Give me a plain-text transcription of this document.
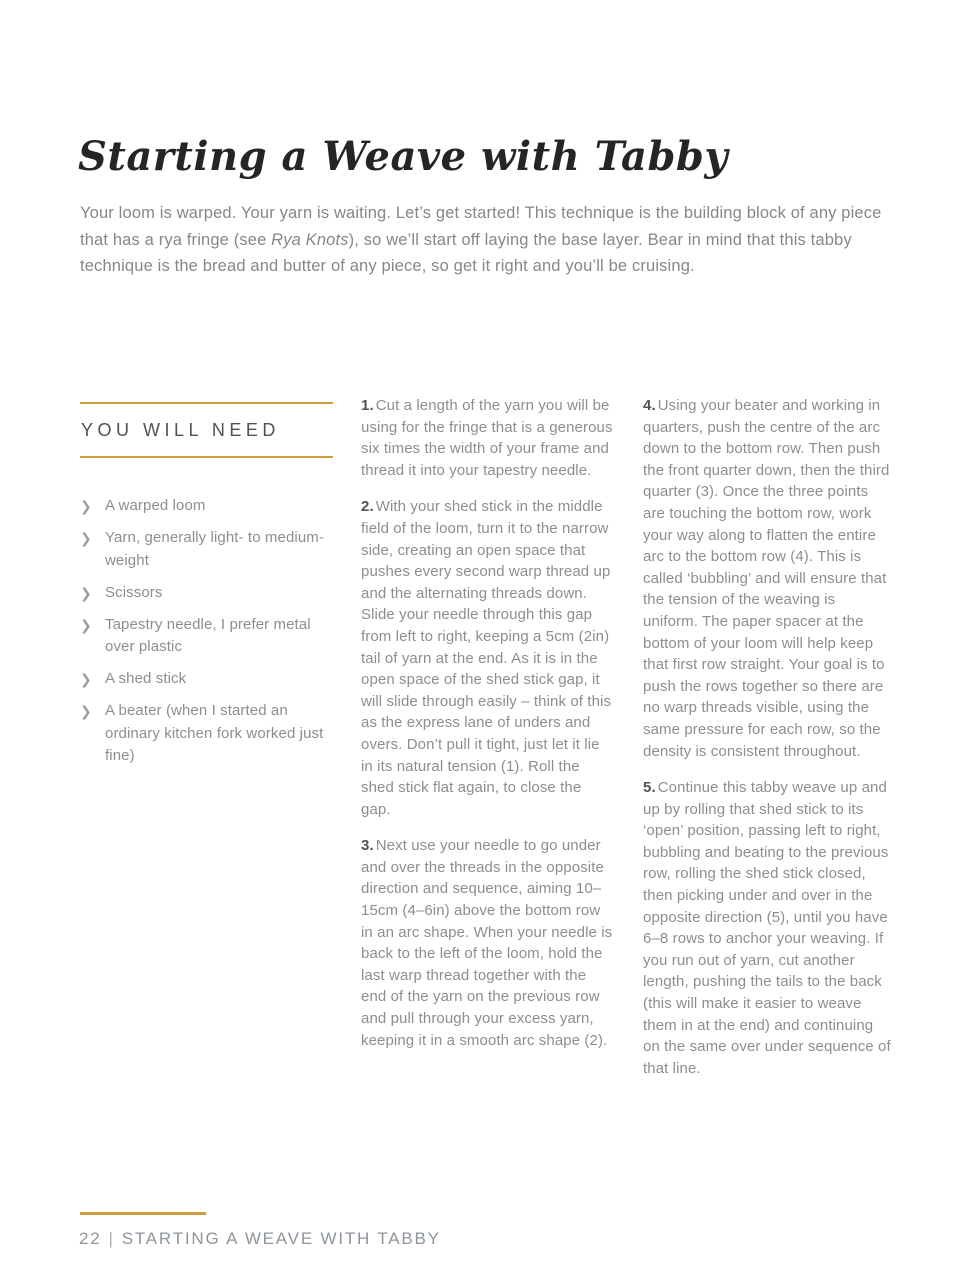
Starting a Weave with Tabby

Your loom is warped. Your yarn is waiting. Let’s get started! This technique is the building block of any piece that has a rya fringe (see Rya Knots), so we’ll start off laying the base layer. Bear in mind that this tabby technique is the bread and butter of any piece, so get it right and you’ll be cruising.

YOU WILL NEED
❯ A warped loom
❯ Yarn, generally light- to medium-weight
❯ Scissors
❯ Tapestry needle, I prefer metal over plastic
❯ A shed stick
❯ A beater (when I started an ordinary kitchen fork worked just fine)

1. Cut a length of the yarn you will be using for the fringe that is a generous six times the width of your frame and thread it into your tapestry needle.

2. With your shed stick in the middle field of the loom, turn it to the narrow side, creating an open space that pushes every second warp thread up and the alternating threads down. Slide your needle through this gap from left to right, keeping a 5cm (2in) tail of yarn at the end. As it is in the open space of the shed stick gap, it will slide through easily – think of this as the express lane of unders and overs. Don’t pull it tight, just let it lie in its natural tension (1). Roll the shed stick flat again, to close the gap.

3. Next use your needle to go under and over the threads in the opposite direction and sequence, aiming 10–15cm (4–6in) above the bottom row in an arc shape. When your needle is back to the left of the loom, hold the last warp thread together with the end of the yarn on the previous row and pull through your excess yarn, keeping it in a smooth arc shape (2).

4. Using your beater and working in quarters, push the centre of the arc down to the bottom row. Then push the front quarter down, then the third quarter (3). Once the three points are touching the bottom row, work your way along to flatten the entire arc to the bottom row (4). This is called ‘bubbling’ and will ensure that the tension of the weaving is uniform. The paper spacer at the bottom of your loom will help keep that first row straight. Your goal is to push the rows together so there are no warp threads visible, using the same pressure for each row, so the density is consistent throughout.

5. Continue this tabby weave up and up by rolling that shed stick to its ‘open’ position, passing left to right, bubbling and beating to the previous row, rolling the shed stick closed, then picking under and over in the opposite direction (5), until you have 6–8 rows to anchor your weaving. If you run out of yarn, cut another length, pushing the tails to the back (this will make it easier to weave them in at the end) and continuing on the same over under sequence of that line.

22 | STARTING A WEAVE WITH TABBY
